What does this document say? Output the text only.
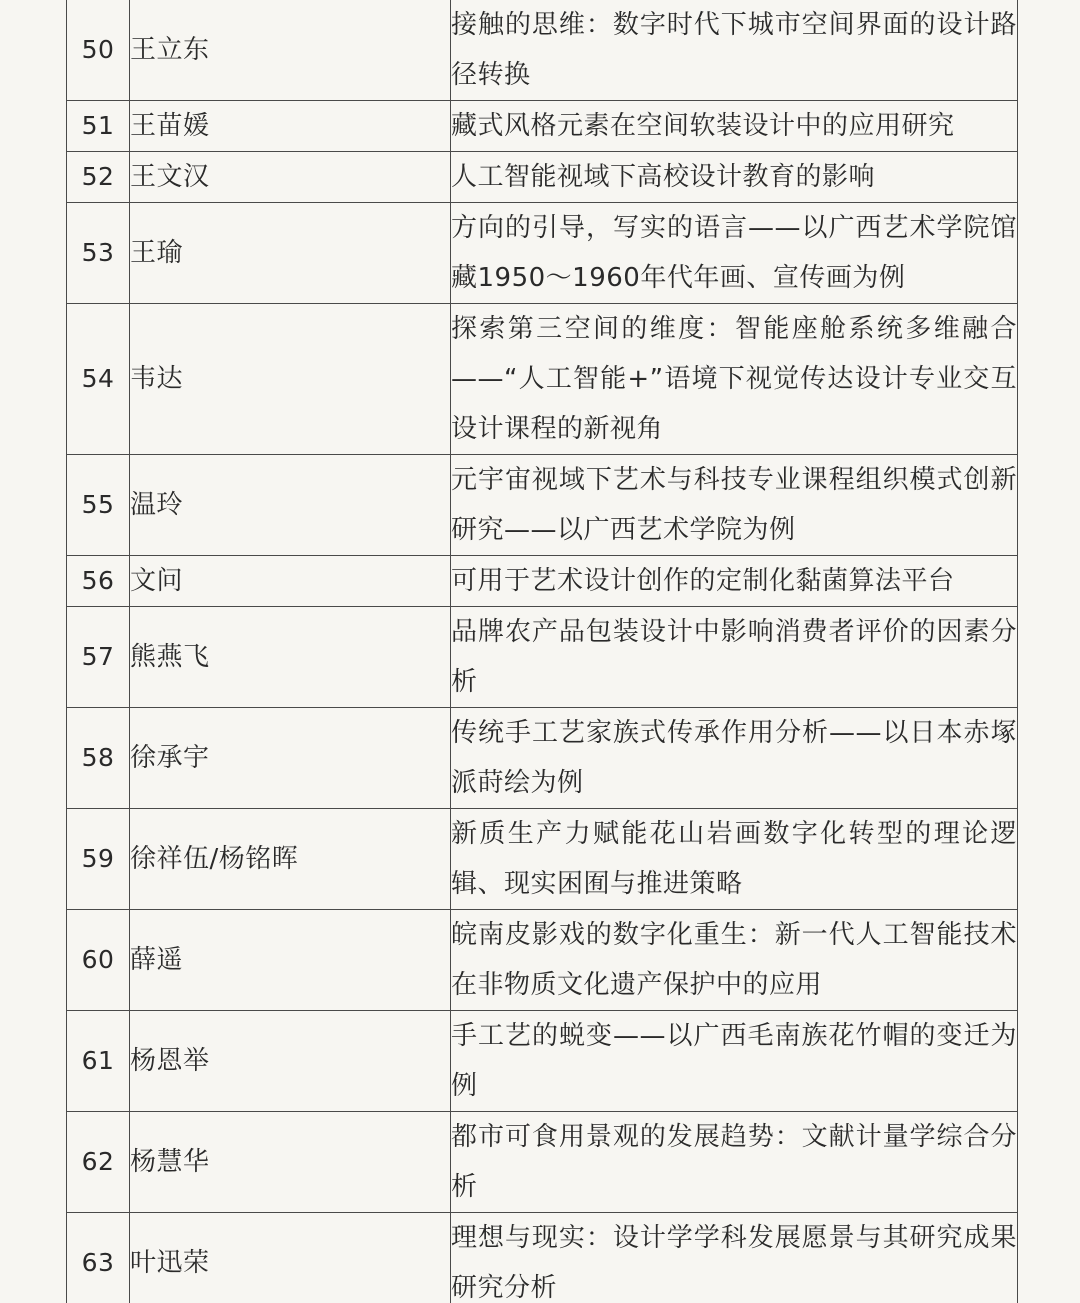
50	王立东	接触的思维：数字时代下城市空间界面的设计路径转换
51	王苗媛	藏式风格元素在空间软装设计中的应用研究
52	王文汉	人工智能视域下高校设计教育的影响
53	王瑜	方向的引导，写实的语言——以广西艺术学院馆藏1950～1960年代年画、宣传画为例
54	韦达	探索第三空间的维度：智能座舱系统多维融合——“人工智能+”语境下视觉传达设计专业交互设计课程的新视角
55	温玲	元宇宙视域下艺术与科技专业课程组织模式创新研究——以广西艺术学院为例
56	文问	可用于艺术设计创作的定制化黏菌算法平台
57	熊燕飞	品牌农产品包装设计中影响消费者评价的因素分析
58	徐承宇	传统手工艺家族式传承作用分析——以日本赤塚派莳绘为例
59	徐祥伍/杨铭晖	新质生产力赋能花山岩画数字化转型的理论逻辑、现实困囿与推进策略
60	薛遥	皖南皮影戏的数字化重生：新一代人工智能技术在非物质文化遗产保护中的应用
61	杨恩举	手工艺的蜕变——以广西毛南族花竹帽的变迁为例
62	杨慧华	都市可食用景观的发展趋势：文献计量学综合分析
63	叶迅荣	理想与现实：设计学学科发展愿景与其研究成果研究分析
